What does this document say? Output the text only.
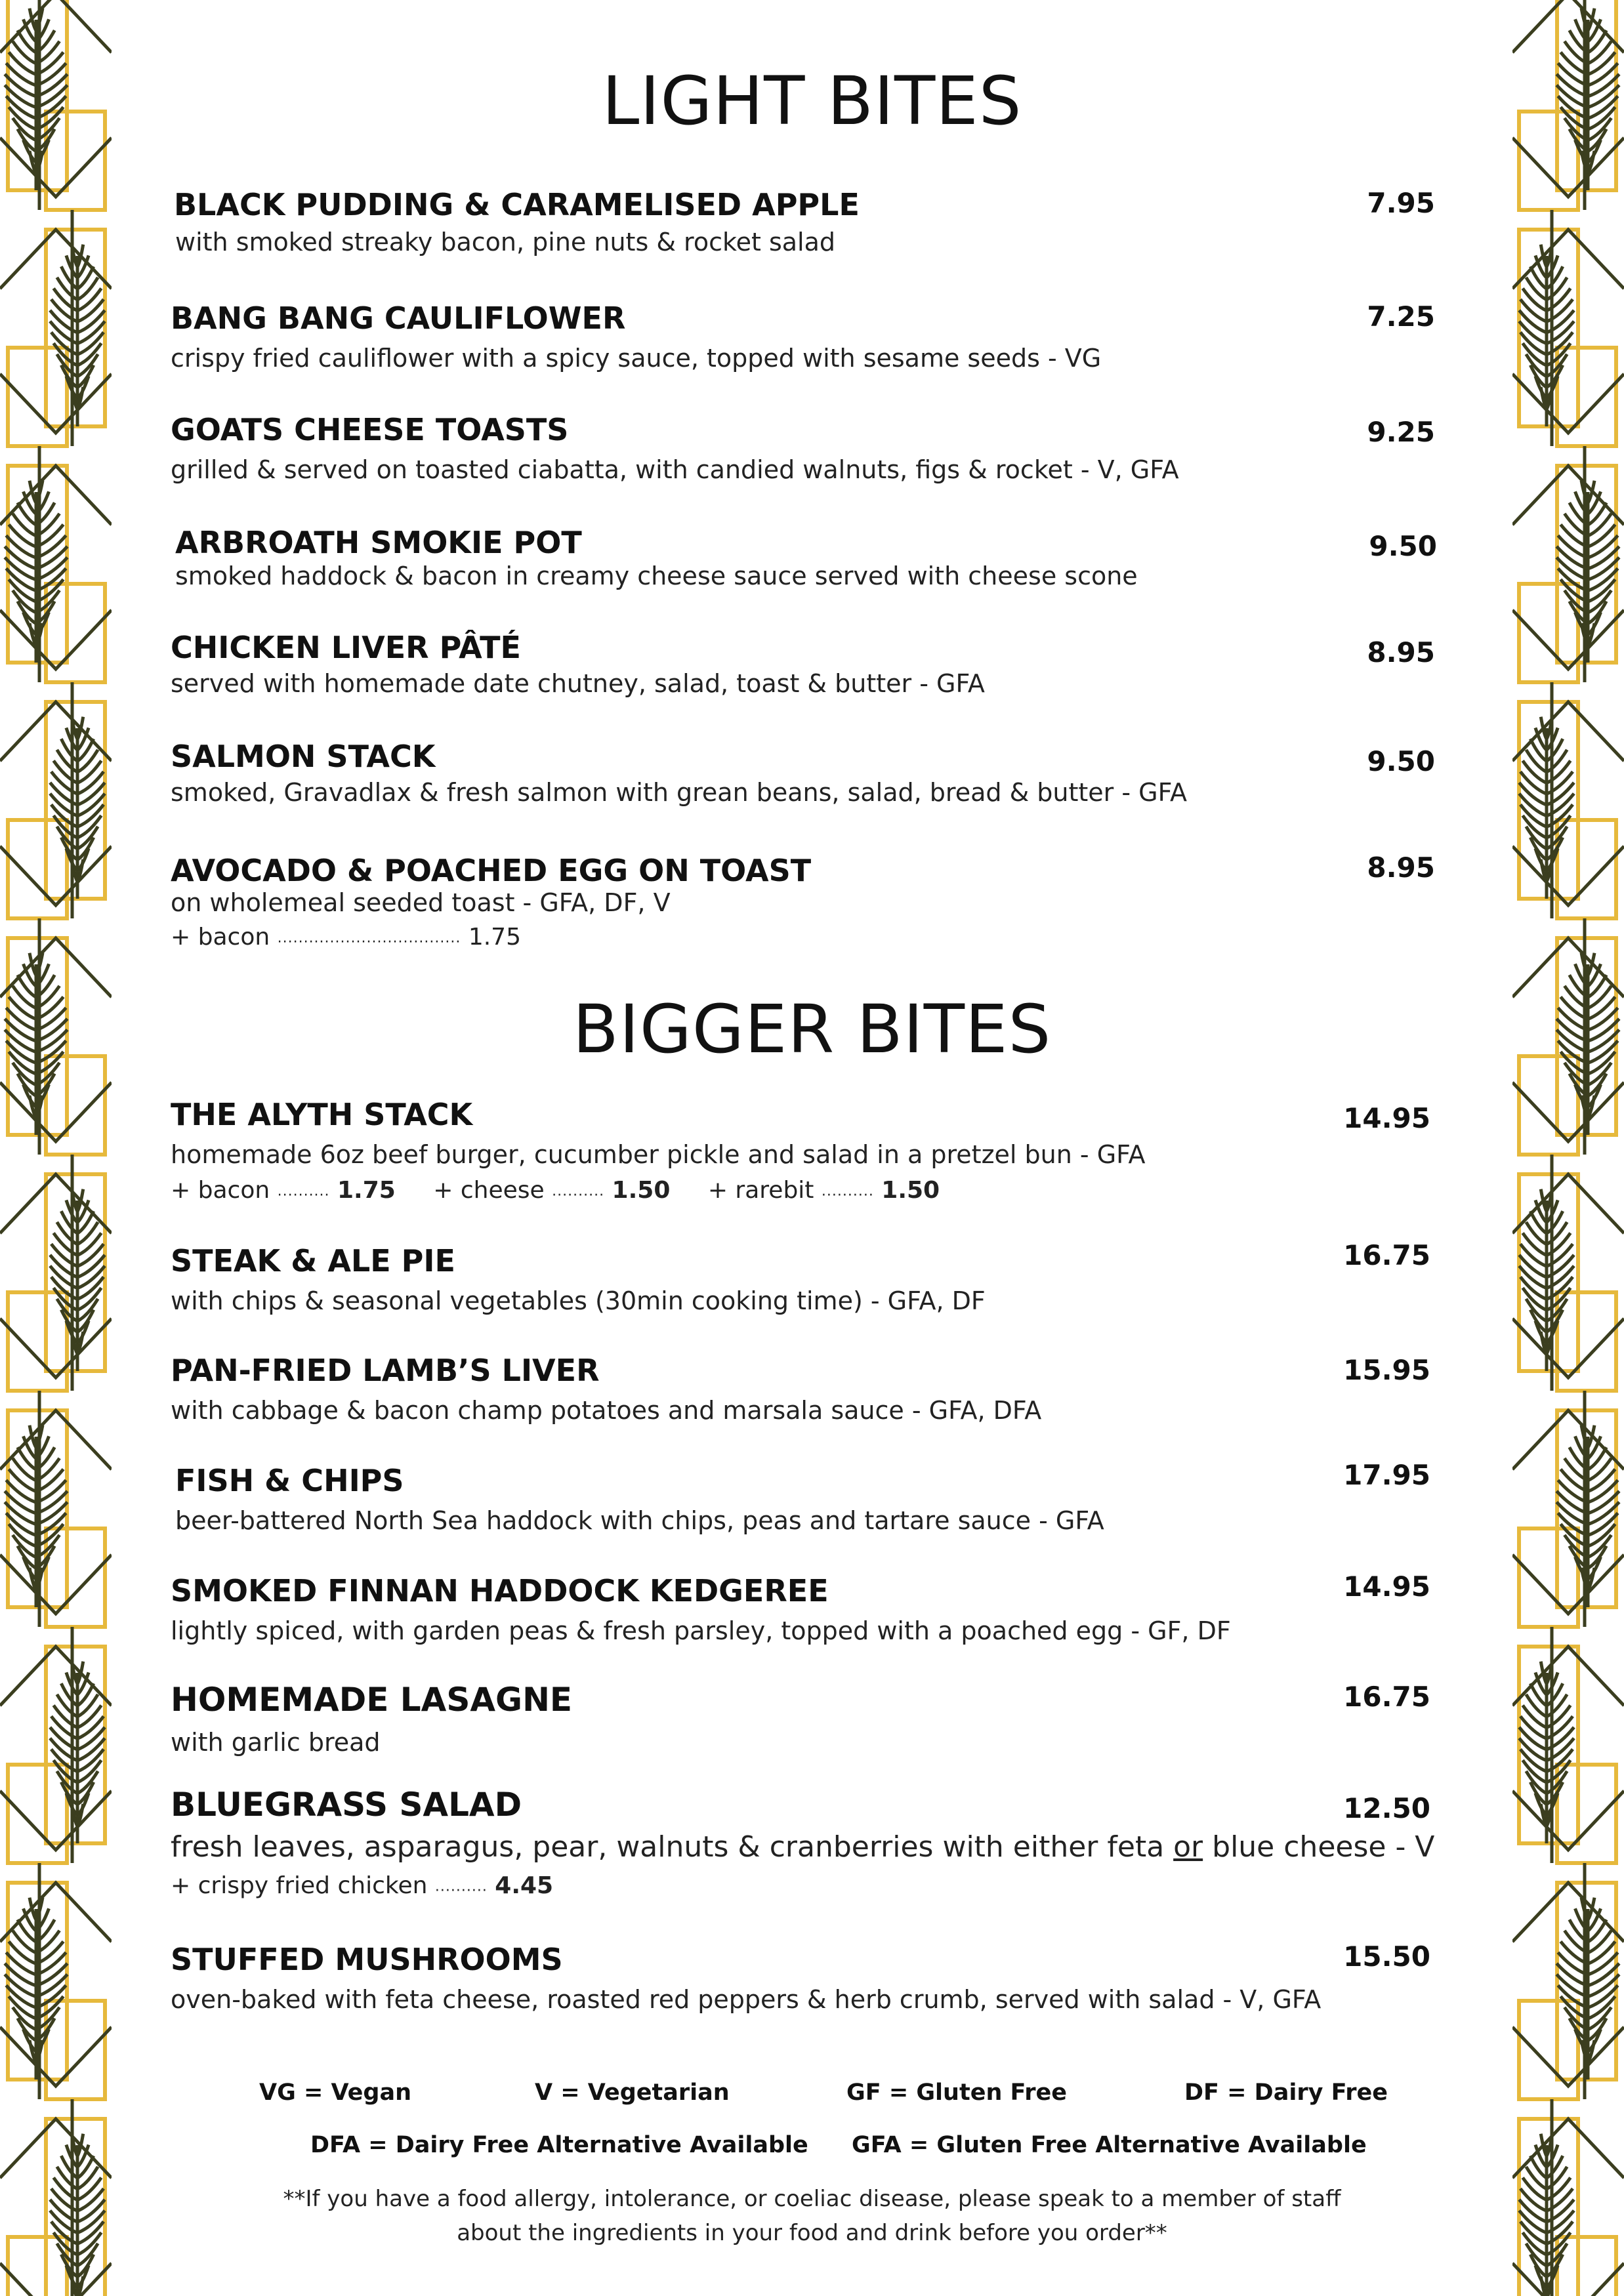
LIGHT BITES
BLACK PUDDING & CARAMELISED APPLE	7.95
with smoked streaky bacon, pine nuts & rocket salad
BANG BANG CAULIFLOWER	7.25
crispy fried cauliflower with a spicy sauce, topped with sesame seeds - VG
GOATS CHEESE TOASTS	9.25
grilled & served on toasted ciabatta, with candied walnuts, figs & rocket - V, GFA
ARBROATH SMOKIE POT	9.50
smoked haddock & bacon in creamy cheese sauce served with cheese scone
CHICKEN LIVER PÂTÉ	8.95
served with homemade date chutney, salad, toast & butter - GFA
SALMON STACK	9.50
smoked, Gravadlax & fresh salmon with grean beans, salad, bread & butter - GFA
AVOCADO & POACHED EGG ON TOAST	8.95
on wholemeal seeded toast - GFA, DF, V
+ bacon ................................... 1.75
BIGGER BITES
THE ALYTH STACK	14.95
homemade 6oz beef burger, cucumber pickle and salad in a pretzel bun - GFA
+ bacon .......... 1.75 + cheese .......... 1.50 + rarebit .......... 1.50
STEAK & ALE PIE	16.75
with chips & seasonal vegetables (30min cooking time) - GFA, DF
PAN-FRIED LAMB’S LIVER	15.95
with cabbage & bacon champ potatoes and marsala sauce - GFA, DFA
FISH & CHIPS	17.95
beer-battered North Sea haddock with chips, peas and tartare sauce - GFA
SMOKED FINNAN HADDOCK KEDGEREE	14.95
lightly spiced, with garden peas & fresh parsley, topped with a poached egg - GF, DF
HOMEMADE LASAGNE	16.75
with garlic bread
BLUEGRASS SALAD	12.50
fresh leaves, asparagus, pear, walnuts & cranberries with either feta or blue cheese - V
+ crispy fried chicken .......... 4.45
STUFFED MUSHROOMS	15.50
oven-baked with feta cheese, roasted red peppers & herb crumb, served with salad - V, GFA
VG = Vegan	V = Vegetarian	GF = Gluten Free	DF = Dairy Free
DFA = Dairy Free Alternative Available GFA = Gluten Free Alternative Available
**If you have a food allergy, intolerance, or coeliac disease, please speak to a member of staff
about the ingredients in your food and drink before you order**
